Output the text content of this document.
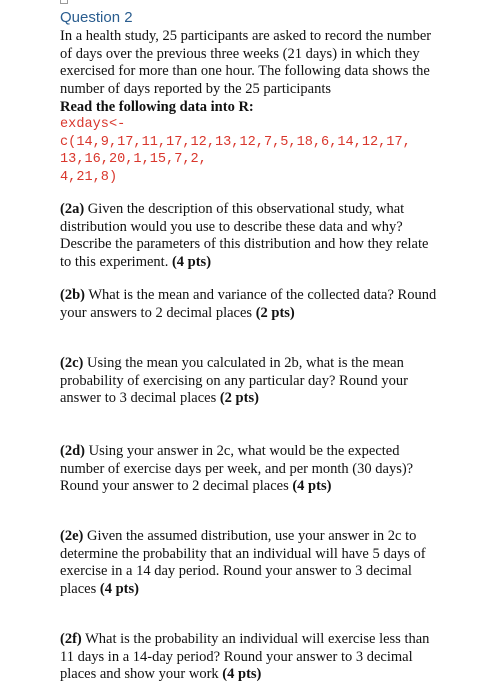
Question 2
In a health study, 25 participants are asked to record the number
of days over the previous three weeks (21 days) in which they
exercised for more than one hour. The following data shows the
number of days reported by the 25 participants
Read the following data into R:
exdays<-
c(14,9,17,11,17,12,13,12,7,5,18,6,14,12,17,
13,16,20,1,15,7,2,
4,21,8)
(2a) Given the description of this observational study, what
distribution would you use to describe these data and why?
Describe the parameters of this distribution and how they relate
to this experiment. (4 pts)
(2b) What is the mean and variance of the collected data? Round
your answers to 2 decimal places (2 pts)
(2c) Using the mean you calculated in 2b, what is the mean
probability of exercising on any particular day? Round your
answer to 3 decimal places (2 pts)
(2d) Using your answer in 2c, what would be the expected
number of exercise days per week, and per month (30 days)?
Round your answer to 2 decimal places (4 pts)
(2e) Given the assumed distribution, use your answer in 2c to
determine the probability that an individual will have 5 days of
exercise in a 14 day period. Round your answer to 3 decimal
places (4 pts)
(2f) What is the probability an individual will exercise less than
11 days in a 14-day period? Round your answer to 3 decimal
places and show your work (4 pts)
